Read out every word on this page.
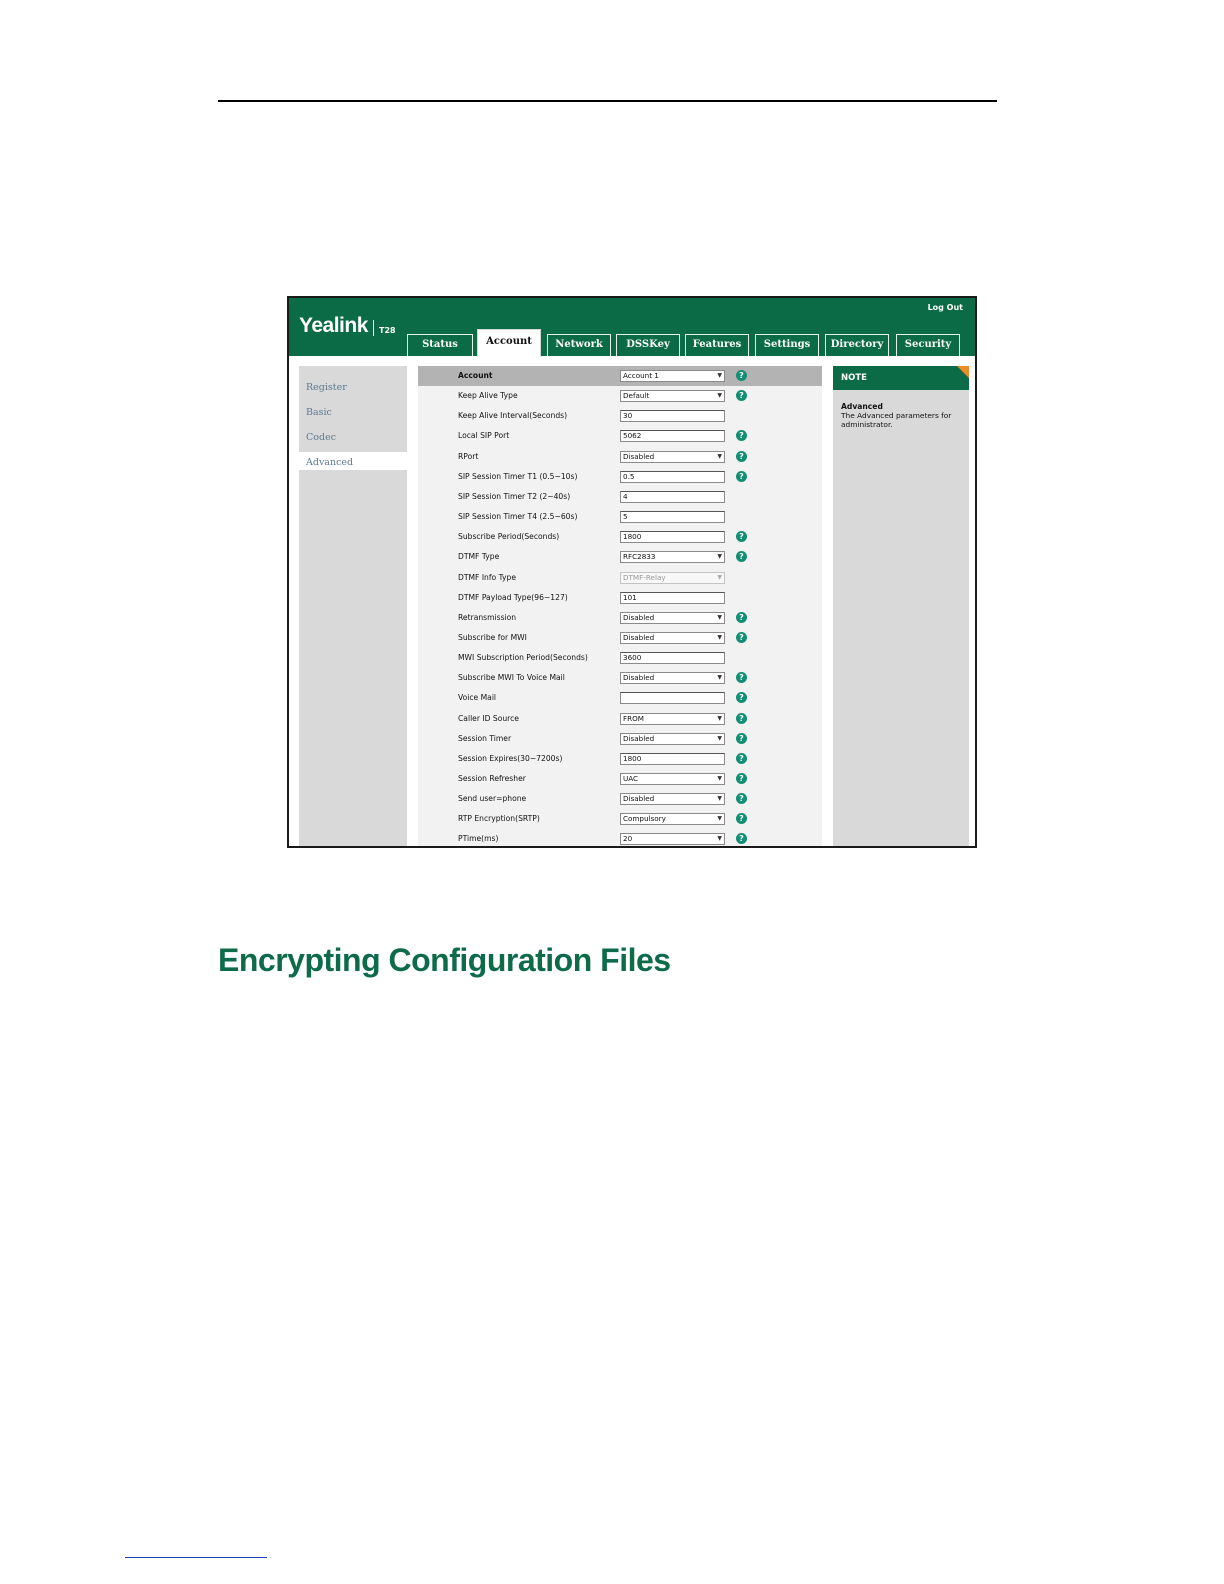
Yealink T28
Log Out
Status	Account	Network	DSSKey	Features	Settings	Directory	Security
Register
Basic
Codec
Advanced
Account	Account 1	▼	?
Keep Alive Type	Default	▼	?
Keep Alive Interval(Seconds)	30
Local SIP Port	5062	?
RPort	Disabled	▼	?
SIP Session Timer T1 (0.5~10s)	0.5	?
SIP Session Timer T2 (2~40s)	4
SIP Session Timer T4 (2.5~60s)	5
Subscribe Period(Seconds)	1800	?
DTMF Type	RFC2833	▼	?
DTMF Info Type	DTMF-Relay	▼
DTMF Payload Type(96~127)	101
Retransmission	Disabled	▼	?
Subscribe for MWI	Disabled	▼	?
MWI Subscription Period(Seconds)	3600
Subscribe MWI To Voice Mail	Disabled	▼	?
Voice Mail	?
Caller ID Source	FROM	▼	?
Session Timer	Disabled	▼	?
Session Expires(30~7200s)	1800	?
Session Refresher	UAC	▼	?
Send user=phone	Disabled	▼	?
RTP Encryption(SRTP)	Compulsory	▼	?
PTime(ms)	20	▼	?
NOTE
Advanced
The Advanced parameters for administrator.
Encrypting Configuration Files
